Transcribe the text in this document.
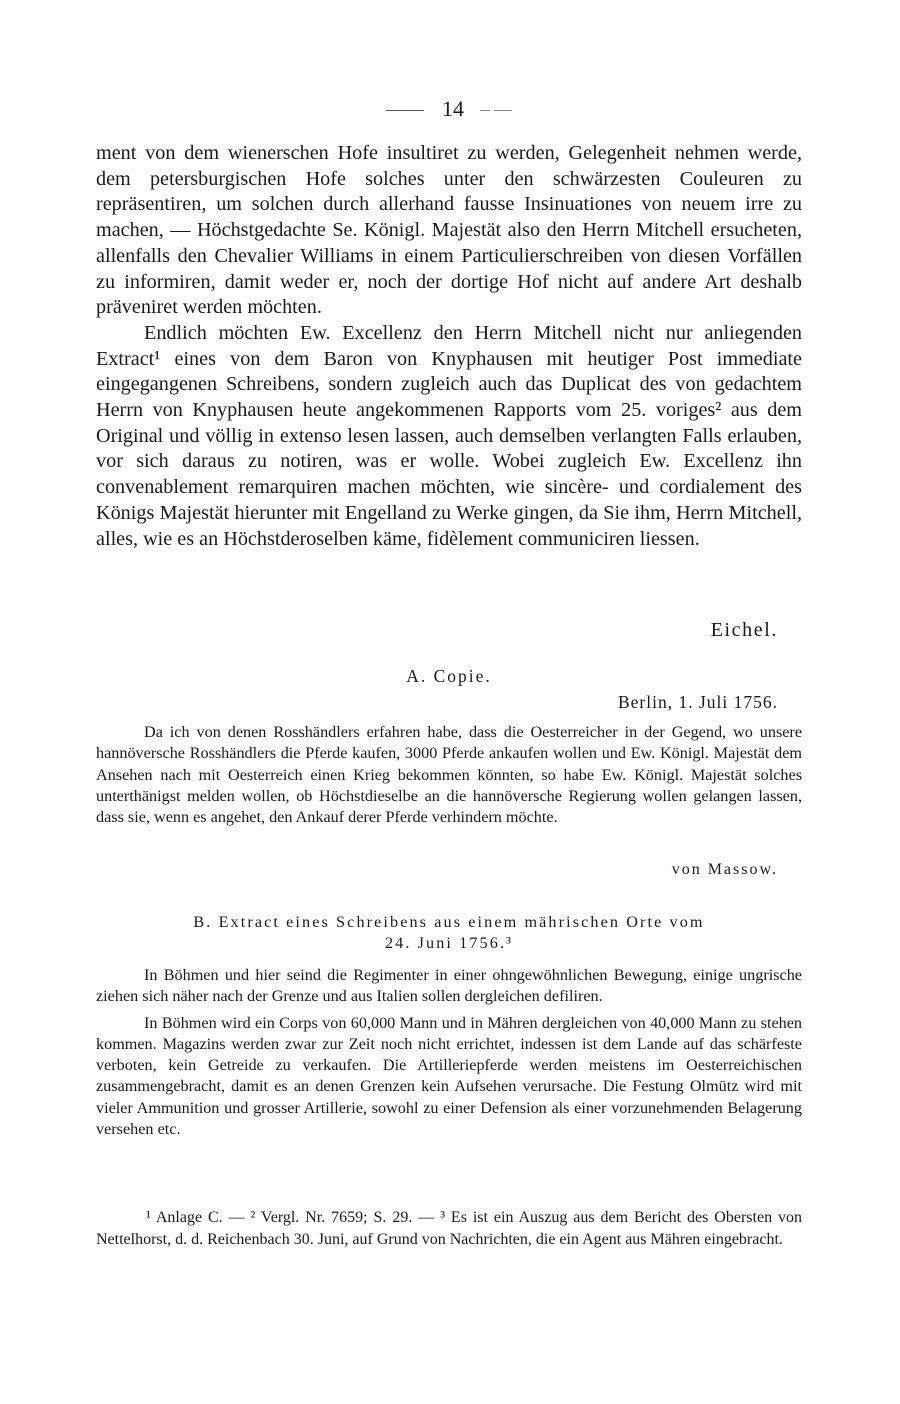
14

ment von dem wienerschen Hofe insultiret zu werden, Gelegenheit nehmen werde, dem petersburgischen Hofe solches unter den schwärzesten Couleuren zu repräsentiren, um solchen durch allerhand fausse Insinuationes von neuem irre zu machen, — Höchstgedachte Se. Königl. Majestät also den Herrn Mitchell ersucheten, allenfalls den Chevalier Williams in einem Particulierschreiben von diesen Vorfällen zu informiren, damit weder er, noch der dortige Hof nicht auf andere Art deshalb präveniret werden möchten.

Endlich möchten Ew. Excellenz den Herrn Mitchell nicht nur anliegenden Extract¹ eines von dem Baron von Knyphausen mit heutiger Post immediate eingegangenen Schreibens, sondern zugleich auch das Duplicat des von gedachtem Herrn von Knyphausen heute angekommenen Rapports vom 25. voriges² aus dem Original und völlig in extenso lesen lassen, auch demselben verlangten Falls erlauben, vor sich daraus zu notiren, was er wolle. Wobei zugleich Ew. Excellenz ihn convenablement remarquiren machen möchten, wie sincère- und cordialement des Königs Majestät hierunter mit Engelland zu Werke gingen, da Sie ihm, Herrn Mitchell, alles, wie es an Höchstderoselben käme, fidèlement communiciren liessen.

Eichel.
A. Copie.
Berlin, 1. Juli 1756.

Da ich von denen Rosshändlers erfahren habe, dass die Oesterreicher in der Gegend, wo unsere hannöversche Rosshändlers die Pferde kaufen, 3000 Pferde ankaufen wollen und Ew. Königl. Majestät dem Ansehen nach mit Oesterreich einen Krieg bekommen könnten, so habe Ew. Königl. Majestät solches unterthänigst melden wollen, ob Höchstdieselbe an die hannöversche Regierung wollen gelangen lassen, dass sie, wenn es angehet, den Ankauf derer Pferde verhindern möchte.

von Massow.
B. Extract eines Schreibens aus einem mährischen Orte vom
24. Juni 1756.³

In Böhmen und hier seind die Regimenter in einer ohngewöhnlichen Bewegung, einige ungrische ziehen sich näher nach der Grenze und aus Italien sollen dergleichen defiliren.

In Böhmen wird ein Corps von 60,000 Mann und in Mähren dergleichen von 40,000 Mann zu stehen kommen. Magazins werden zwar zur Zeit noch nicht errichtet, indessen ist dem Lande auf das schärfeste verboten, kein Getreide zu verkaufen. Die Artilleriepferde werden meistens im Oesterreichischen zusammengebracht, damit es an denen Grenzen kein Aufsehen verursache. Die Festung Olmütz wird mit vieler Ammunition und grosser Artillerie, sowohl zu einer Defension als einer vorzunehmenden Belagerung versehen etc.

¹ Anlage C. — ² Vergl. Nr. 7659; S. 29. — ³ Es ist ein Auszug aus dem Bericht des Obersten von Nettelhorst, d. d. Reichenbach 30. Juni, auf Grund von Nachrichten, die ein Agent aus Mähren eingebracht.
